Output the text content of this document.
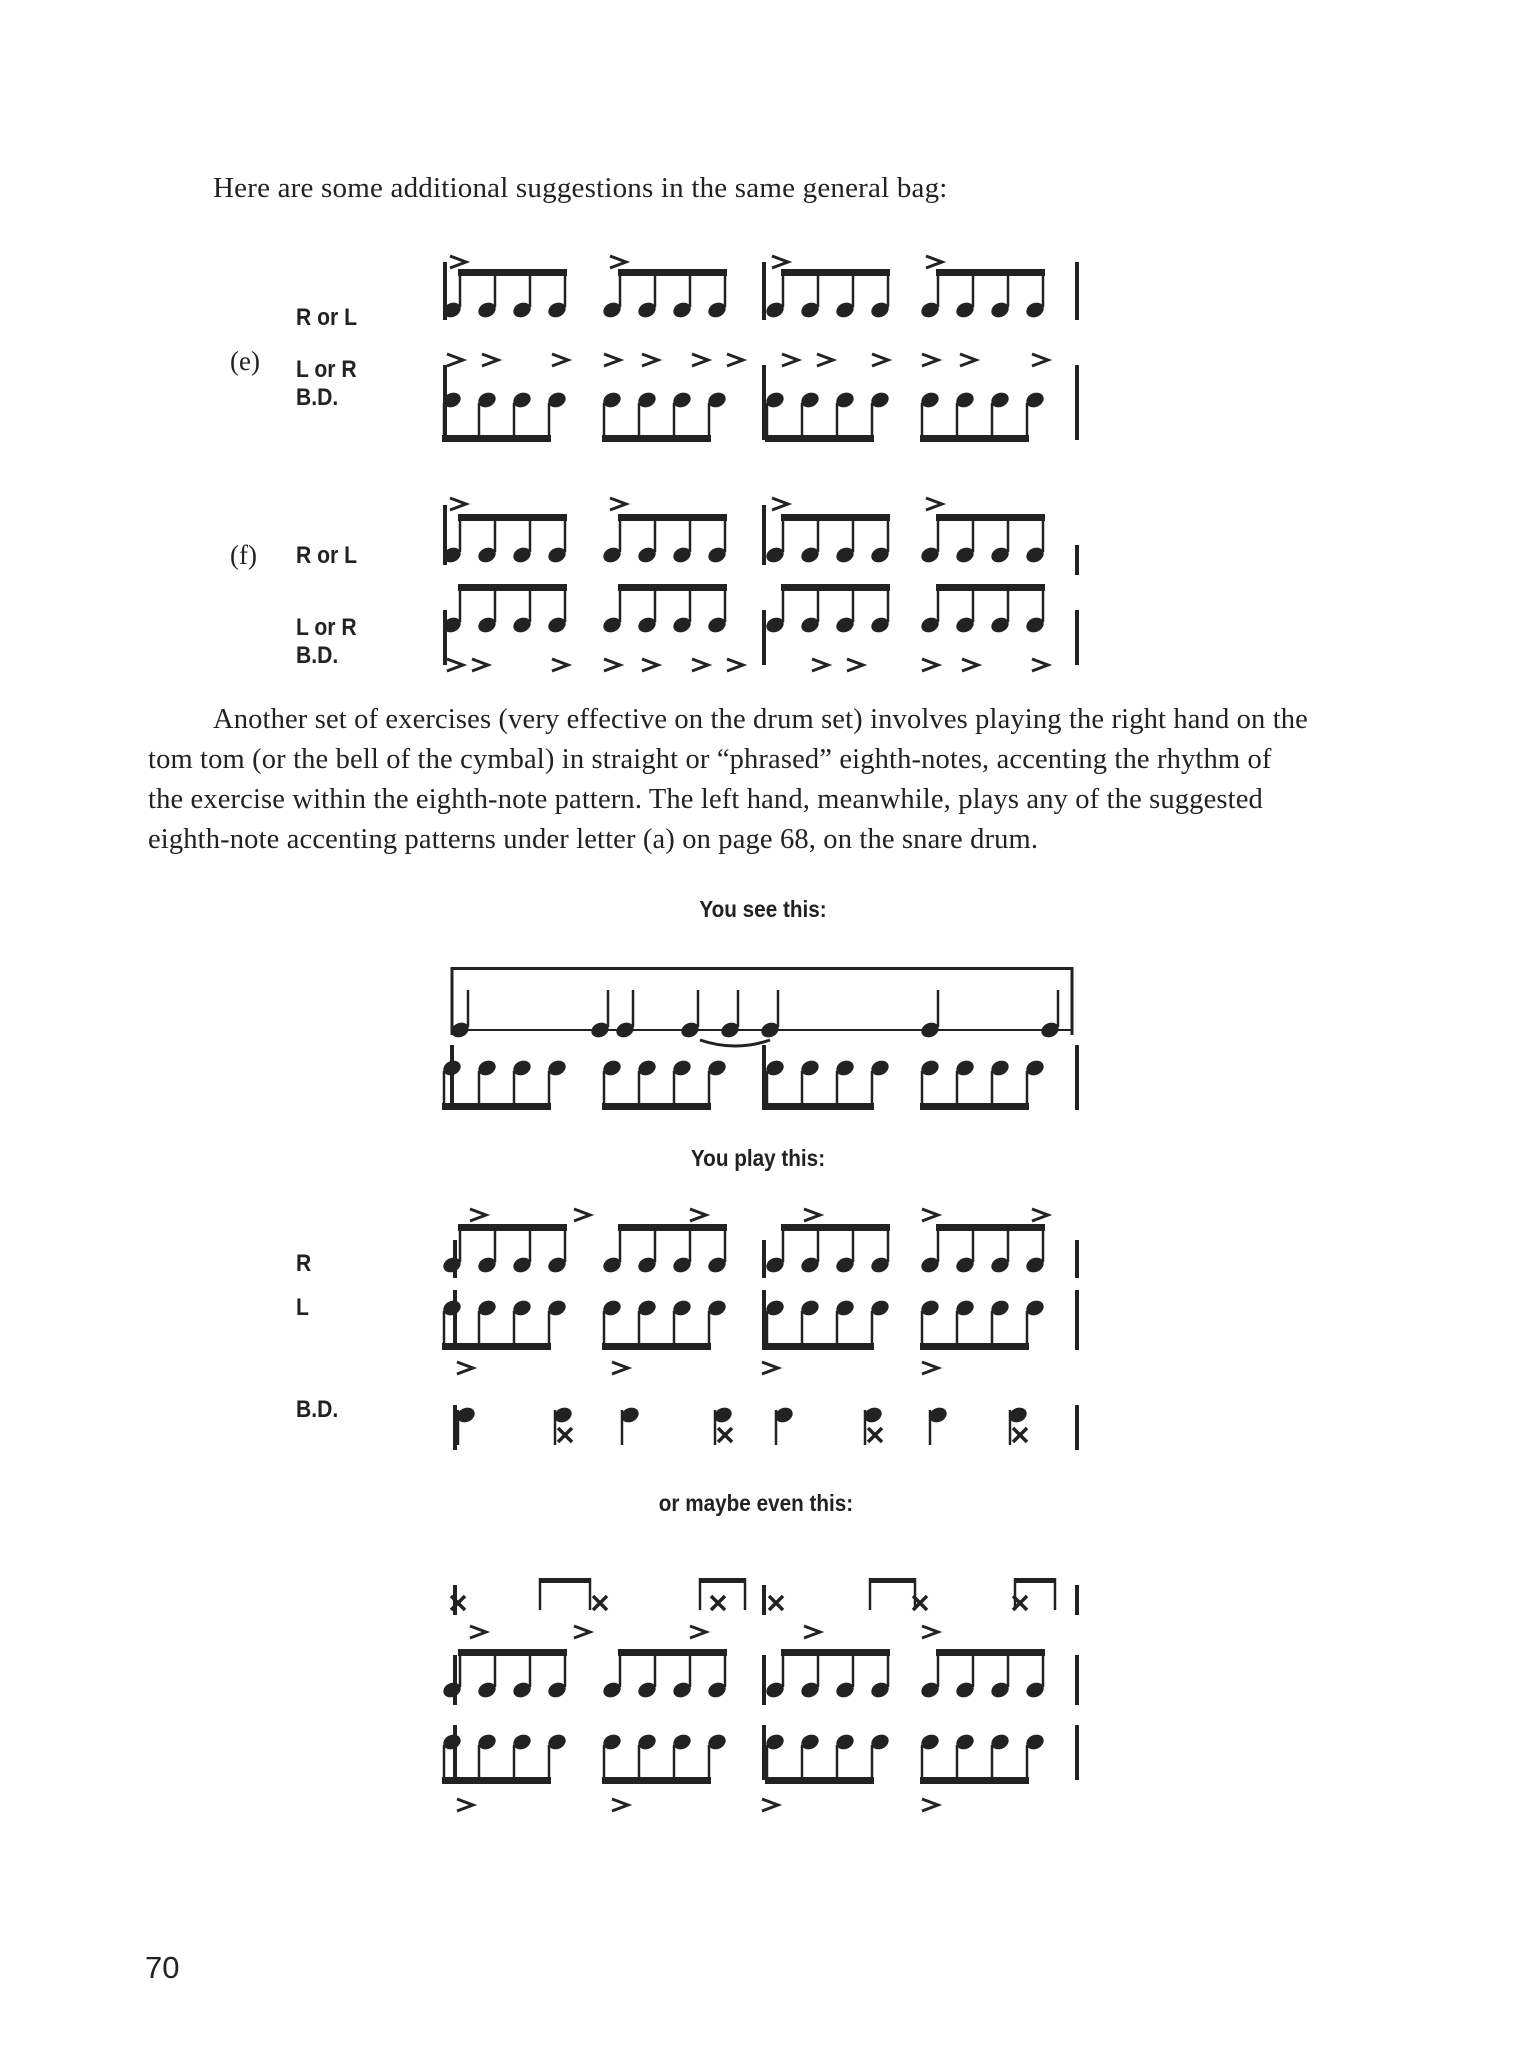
Here are some additional suggestions in the same general bag:
(e)
R or L
L or R
B.D.
(f) R or L
L or R
B.D.
Another set of exercises (very effective on the drum set) involves playing the right hand on the
tom tom (or the bell of the cymbal) in straight or “phrased” eighth-notes, accenting the rhythm of
the exercise within the eighth-note pattern. The left hand, meanwhile, plays any of the suggested
eighth-note accenting patterns under letter (a) on page 68, on the snare drum.
You see this:
You play this:
or maybe even this:
R
L
B.D.
70
